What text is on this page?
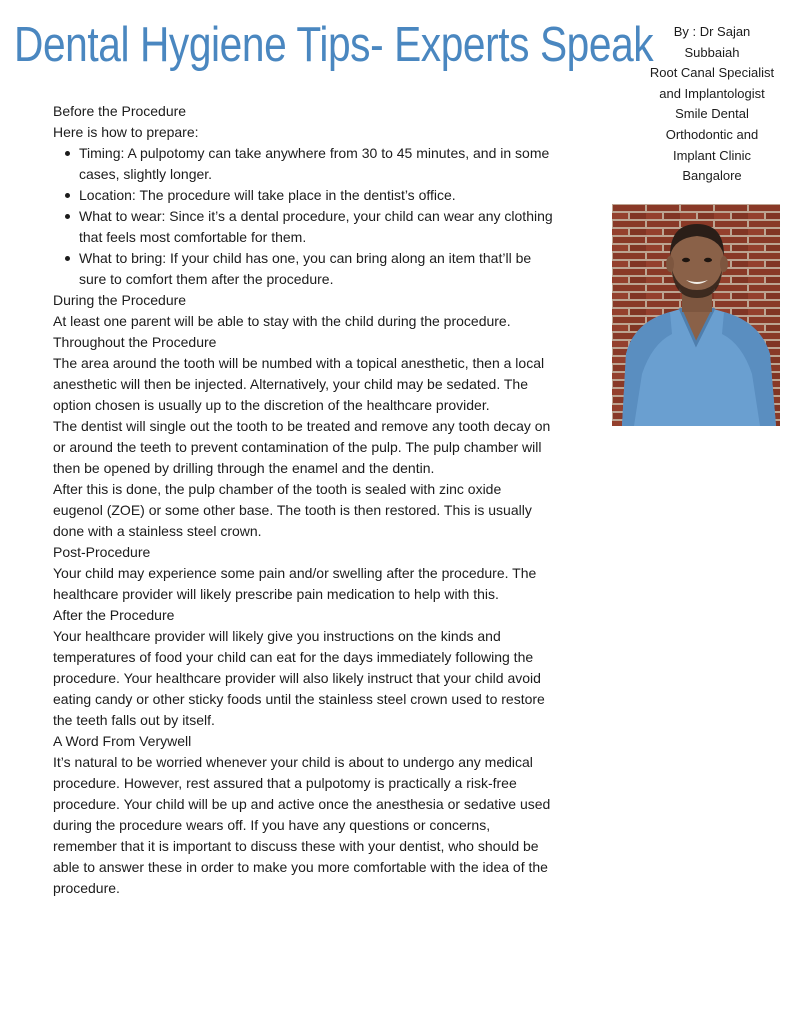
Dental Hygiene Tips- Experts Speak	By : Dr Sajan
Subbaiah
Root Canal Specialist
and Implantologist
Smile Dental
Orthodontic and
Implant Clinic
Bangalore

Before the Procedure

Here is how to prepare:

Timing: A pulpotomy can take anywhere from 30 to 45 minutes, and in some cases, slightly longer.
Location: The procedure will take place in the dentist’s office.
What to wear: Since it’s a dental procedure, your child can wear any clothing that feels most comfortable for them.
What to bring: If your child has one, you can bring along an item that’ll be sure to comfort them after the procedure.

During the Procedure

At least one parent will be able to stay with the child during the procedure.

Throughout the Procedure

The area around the tooth will be numbed with a topical anesthetic, then a local anesthetic will then be injected. Alternatively, your child may be sedated. The option chosen is usually up to the discretion of the healthcare provider.

The dentist will single out the tooth to be treated and remove any tooth decay on or around the teeth to prevent contamination of the pulp. The pulp chamber will then be opened by drilling through the enamel and the dentin.

After this is done, the pulp chamber of the tooth is sealed with zinc oxide eugenol (ZOE) or some other base. The tooth is then restored. This is usually done with a stainless steel crown.

Post-Procedure

Your child may experience some pain and/or swelling after the procedure. The healthcare provider will likely prescribe pain medication to help with this.

After the Procedure

Your healthcare provider will likely give you instructions on the kinds and temperatures of food your child can eat for the days immediately following the procedure. Your healthcare provider will also likely instruct that your child avoid eating candy or other sticky foods until the stainless steel crown used to restore the teeth falls out by itself.

A Word From Verywell

It’s natural to be worried whenever your child is about to undergo any medical procedure. However, rest assured that a pulpotomy is practically a risk-free procedure. Your child will be up and active once the anesthesia or sedative used during the procedure wears off. If you have any questions or concerns, remember that it is important to discuss these with your dentist, who should be able to answer these in order to make you more comfortable with the idea of the procedure.
